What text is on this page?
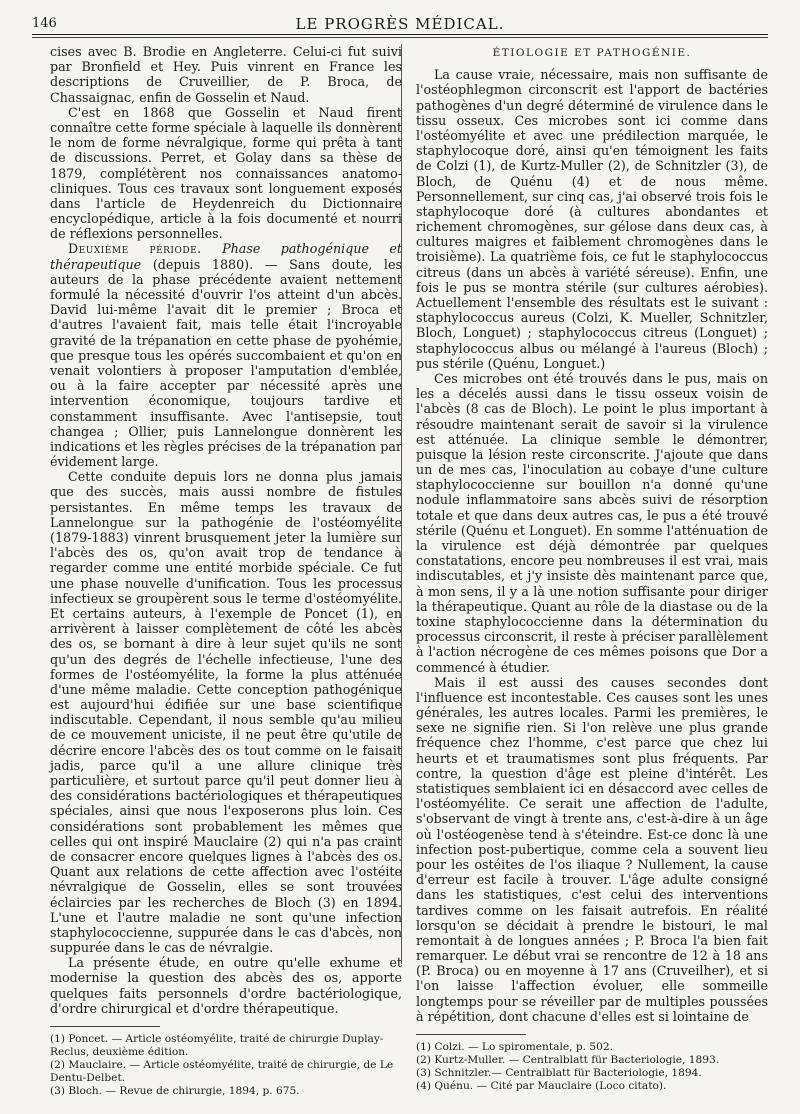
146	LE PROGRÈS MÉDICAL.

cises avec B. Brodie en Angleterre. Celui-ci fut suivi par Bronfield et Hey. Puis vinrent en France les descriptions de Cruveillier, de P. Broca, de Chassaignac, enfin de Gosselin et Naud.

C'est en 1868 que Gosselin et Naud firent connaître cette forme spéciale à laquelle ils donnèrent le nom de forme névralgique, forme qui prêta à tant de discussions. Perret, et Golay dans sa thèse de 1879, complétèrent nos connaissances anatomo-cliniques. Tous ces travaux sont longuement exposés dans l'article de Heydenreich du Dictionnaire encyclopédique, article à la fois documenté et nourri de réflexions personnelles.

Deuxième période. Phase pathogénique et thérapeutique (depuis 1880). — Sans doute, les auteurs de la phase précédente avaient nettement formulé la nécessité d'ouvrir l'os atteint d'un abcès. David lui-même l'avait dit le premier ; Broca et d'autres l'avaient fait, mais telle était l'incroyable gravité de la trépanation en cette phase de pyohémie, que presque tous les opérés succombaient et qu'on en venait volontiers à proposer l'amputation d'emblée, ou à la faire accepter par nécessité après une intervention économique, toujours tardive et constamment insuffisante. Avec l'antisepsie, tout changea ; Ollier, puis Lannelongue donnèrent les indications et les règles précises de la trépanation par évidement large.

Cette conduite depuis lors ne donna plus jamais que des succès, mais aussi nombre de fistules persistantes. En même temps les travaux de Lannelongue sur la pathogénie de l'ostéomyélite (1879-1883) vinrent brusquement jeter la lumière sur l'abcès des os, qu'on avait trop de tendance à regarder comme une entité morbide spéciale. Ce fut une phase nouvelle d'unification. Tous les processus infectieux se groupèrent sous le terme d'ostéomyélite. Et certains auteurs, à l'exemple de Poncet (1), en arrivèrent à laisser complètement de côté les abcès des os, se bornant à dire à leur sujet qu'ils ne sont qu'un des degrés de l'échelle infectieuse, l'une des formes de l'ostéomyélite, la forme la plus atténuée d'une même maladie. Cette conception pathogénique est aujourd'hui édifiée sur une base scientifique indiscutable. Cependant, il nous semble qu'au milieu de ce mouvement uniciste, il ne peut être qu'utile de décrire encore l'abcès des os tout comme on le faisait jadis, parce qu'il a une allure clinique très particulière, et surtout parce qu'il peut donner lieu à des considérations bactériologiques et thérapeutiques spéciales, ainsi que nous l'exposerons plus loin. Ces considérations sont probablement les mêmes que celles qui ont inspiré Mauclaire (2) qui n'a pas craint de consacrer encore quelques lignes à l'abcès des os. Quant aux relations de cette affection avec l'ostéite névralgique de Gosselin, elles se sont trouvées éclaircies par les recherches de Bloch (3) en 1894. L'une et l'autre maladie ne sont qu'une infection staphylococcienne, suppurée dans le cas d'abcès, non suppurée dans le cas de névralgie.

La présente étude, en outre qu'elle exhume et modernise la question des abcès des os, apporte quelques faits personnels d'ordre bactériologique, d'ordre chirurgical et d'ordre thérapeutique.

(1) Poncet. — Article ostéomyélite, traité de chirurgie Duplay-Reclus, deuxième édition.
(2) Mauclaire. — Article ostéomyélite, traité de chirurgie, de Le Dentu-Delbet.
(3) Bloch. — Revue de chirurgie, 1894, p. 675.
ÉTIOLOGIE ET PATHOGÉNIE.

La cause vraie, nécessaire, mais non suffisante de l'ostéophlegmon circonscrit est l'apport de bactéries pathogènes d'un degré déterminé de virulence dans le tissu osseux. Ces microbes sont ici comme dans l'ostéomyélite et avec une prédilection marquée, le staphylocoque doré, ainsi qu'en témoignent les faits de Colzi (1), de Kurtz-Muller (2), de Schnitzler (3), de Bloch, de Quénu (4) et de nous même. Personnellement, sur cinq cas, j'ai observé trois fois le staphylocoque doré (à cultures abondantes et richement chromogènes, sur gélose dans deux cas, à cultures maigres et faiblement chromogènes dans le troisième). La quatrième fois, ce fut le staphylococcus citreus (dans un abcès à variété séreuse). Enfin, une fois le pus se montra stérile (sur cultures aérobies). Actuellement l'ensemble des résultats est le suivant : staphylococcus aureus (Colzi, K. Mueller, Schnitzler, Bloch, Longuet) ; staphylococcus citreus (Longuet) ; staphylococcus albus ou mélangé à l'aureus (Bloch) ; pus stérile (Quénu, Longuet.)

Ces microbes ont été trouvés dans le pus, mais on les a décelés aussi dans le tissu osseux voisin de l'abcès (8 cas de Bloch). Le point le plus important à résoudre maintenant serait de savoir si la virulence est atténuée. La clinique semble le démontrer, puisque la lésion reste circonscrite. J'ajoute que dans un de mes cas, l'inoculation au cobaye d'une culture staphylococcienne sur bouillon n'a donné qu'une nodule inflammatoire sans abcès suivi de résorption totale et que dans deux autres cas, le pus a été trouvé stérile (Quénu et Longuet). En somme l'atténuation de la virulence est déjà démontrée par quelques constatations, encore peu nombreuses il est vrai, mais indiscutables, et j'y insiste dès maintenant parce que, à mon sens, il y a là une notion suffisante pour diriger la thérapeutique. Quant au rôle de la diastase ou de la toxine staphylococcienne dans la détermination du processus circonscrit, il reste à préciser parallèlement à l'action nécrogène de ces mêmes poisons que Dor a commencé à étudier.

Mais il est aussi des causes secondes dont l'influence est incontestable. Ces causes sont les unes générales, les autres locales. Parmi les premières, le sexe ne signifie rien. Si l'on relève une plus grande fréquence chez l'homme, c'est parce que chez lui heurts et et traumatismes sont plus fréquents. Par contre, la question d'âge est pleine d'intérêt. Les statistiques semblaient ici en désaccord avec celles de l'ostéomyélite. Ce serait une affection de l'adulte, s'observant de vingt à trente ans, c'est-à-dire à un âge où l'ostéogenèse tend à s'éteindre. Est-ce donc là une infection post-pubertique, comme cela a souvent lieu pour les ostéites de l'os iliaque ? Nullement, la cause d'erreur est facile à trouver. L'âge adulte consigné dans les statistiques, c'est celui des interventions tardives comme on les faisait autrefois. En réalité lorsqu'on se décidait à prendre le bistouri, le mal remontait à de longues années ; P. Broca l'a bien fait remarquer. Le début vrai se rencontre de 12 à 18 ans (P. Broca) ou en moyenne à 17 ans (Cruveilher), et si l'on laisse l'affection évoluer, elle sommeille longtemps pour se réveiller par de multiples poussées à répétition, dont chacune d'elles est si lointaine de

(1) Colzi. — Lo spiromentale, p. 502.
(2) Kurtz-Muller. — Centralblatt für Bacteriologie, 1893.
(3) Schnitzler.— Centralblatt für Bacteriologie, 1894.
(4) Quénu. — Cité par Mauclaire (Loco citato).
